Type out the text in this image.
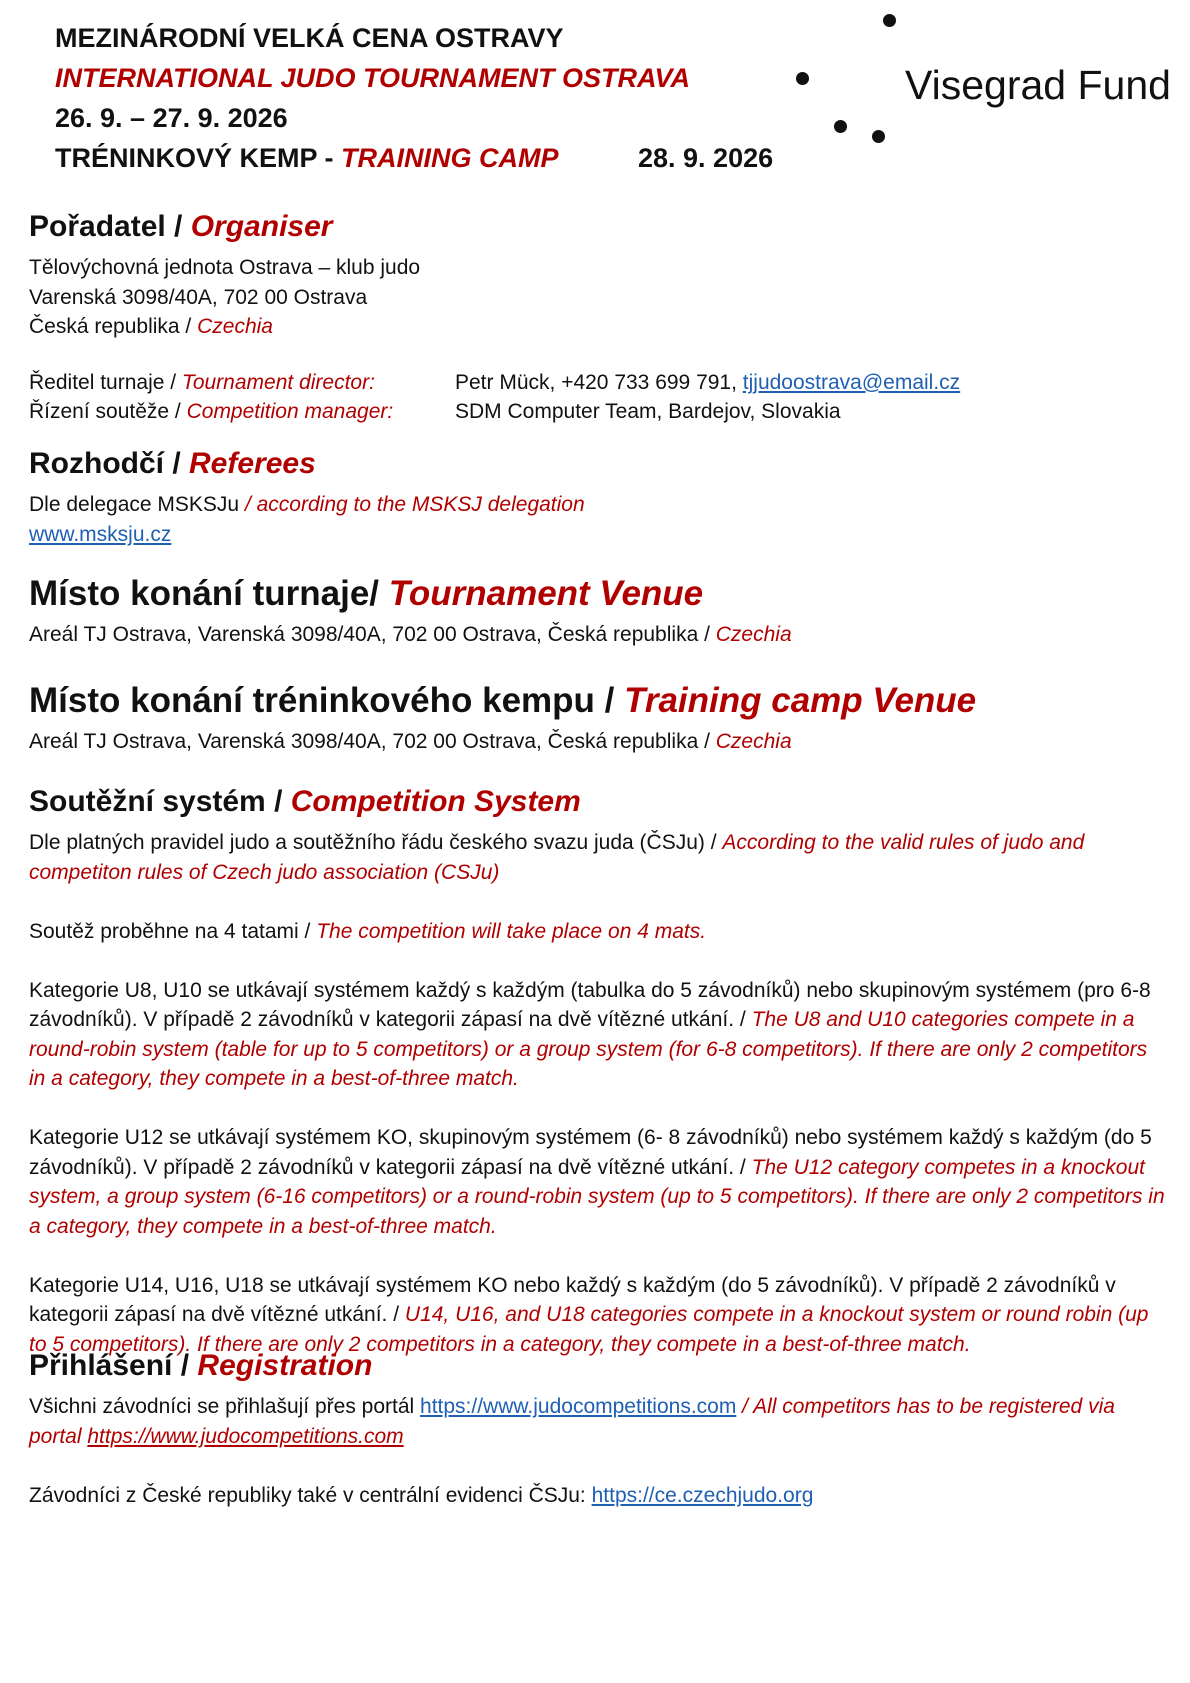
MEZINÁRODNÍ VELKÁ CENA OSTRAVY
INTERNATIONAL JUDO TOURNAMENT OSTRAVA
26. 9. – 27. 9. 2026
TRÉNINKOVÝ KEMP - TRAINING CAMP	28. 9. 2026
Visegrad Fund
Pořadatel / Organiser
Tělovýchovná jednota Ostrava – klub judo
Varenská 3098/40A, 702 00 Ostrava
Česká republika / Czechia
Ředitel turnaje / Tournament director:	Petr Mück, +420 733 699 791, tjjudoostrava@email.cz
Řízení soutěže / Competition manager:	SDM Computer Team, Bardejov, Slovakia
Rozhodčí / Referees
Dle delegace MSKSJu / according to the MSKSJ delegation
www.msksju.cz
Místo konání turnaje/ Tournament Venue
Areál TJ Ostrava, Varenská 3098/40A, 702 00 Ostrava, Česká republika / Czechia
Místo konání tréninkového kempu / Training camp Venue
Areál TJ Ostrava, Varenská 3098/40A, 702 00 Ostrava, Česká republika / Czechia
Soutěžní systém / Competition System
Dle platných pravidel judo a soutěžního řádu českého svazu juda (ČSJu) / According to the valid rules of judo and competiton rules of Czech judo association (CSJu)
Soutěž proběhne na 4 tatami / The competition will take place on 4 mats.
Kategorie U8, U10 se utkávají systémem každý s každým (tabulka do 5 závodníků) nebo skupinovým systémem (pro 6-8 závodníků). V případě 2 závodníků v kategorii zápasí na dvě vítězné utkání. / The U8 and U10 categories compete in a round-robin system (table for up to 5 competitors) or a group system (for 6-8 competitors). If there are only 2 competitors in a category, they compete in a best-of-three match.
Kategorie U12 se utkávají systémem KO, skupinovým systémem (6- 8 závodníků) nebo systémem každý s každým (do 5 závodníků). V případě 2 závodníků v kategorii zápasí na dvě vítězné utkání. / The U12 category competes in a knockout system, a group system (6-16 competitors) or a round-robin system (up to 5 competitors). If there are only 2 competitors in a category, they compete in a best-of-three match.
Kategorie U14, U16, U18 se utkávají systémem KO nebo každý s každým (do 5 závodníků). V případě 2 závodníků v kategorii zápasí na dvě vítězné utkání. / U14, U16, and U18 categories compete in a knockout system or round robin (up to 5 competitors). If there are only 2 competitors in a category, they compete in a best-of-three match.
Přihlášení / Registration
Všichni závodníci se přihlašují přes portál https://www.judocompetitions.com / All competitors has to be registered via portal https://www.judocompetitions.com
Závodníci z České republiky také v centrální evidenci ČSJu: https://ce.czechjudo.org
